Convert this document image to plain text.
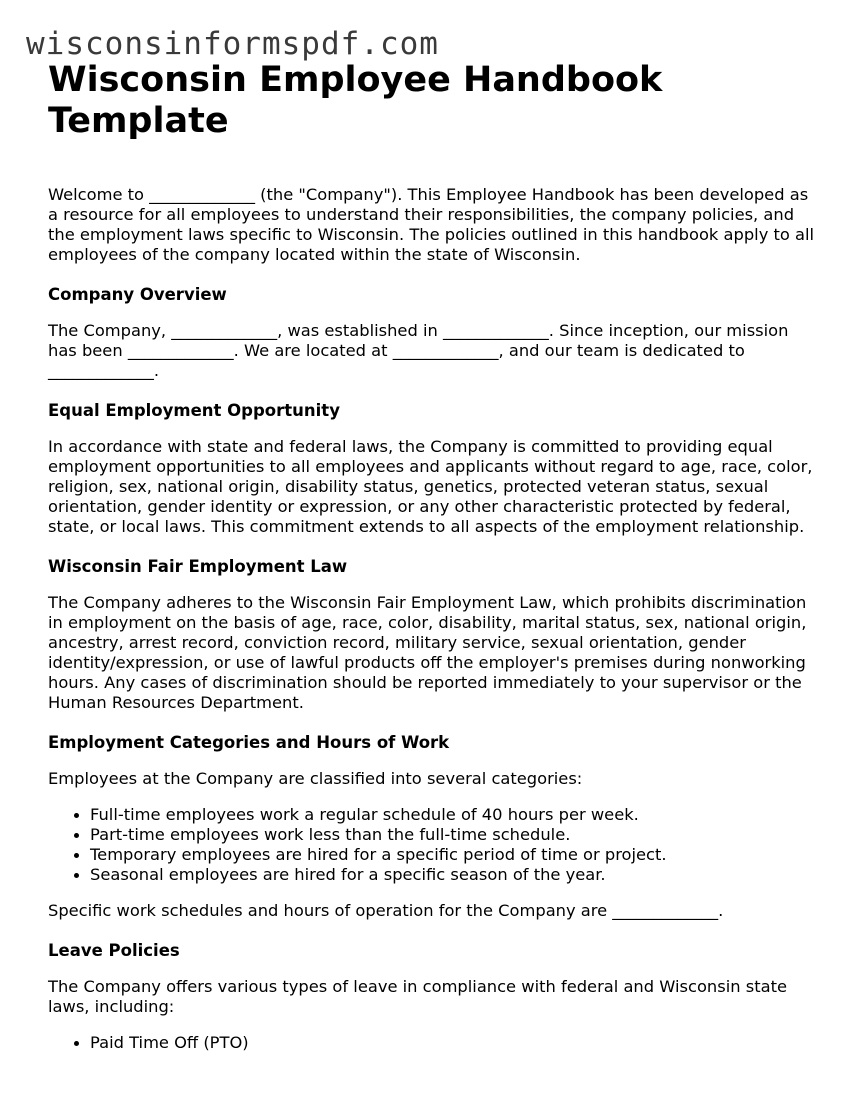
wisconsinformspdf.com
Wisconsin Employee Handbook Template

Welcome to _____________ (the "Company"). This Employee Handbook has been developed as a resource for all employees to understand their responsibilities, the company policies, and the employment laws specific to Wisconsin. The policies outlined in this handbook apply to all employees of the company located within the state of Wisconsin.

Company Overview

The Company, _____________, was established in _____________. Since inception, our mission has been _____________. We are located at _____________, and our team is dedicated to _____________.

Equal Employment Opportunity

In accordance with state and federal laws, the Company is committed to providing equal employment opportunities to all employees and applicants without regard to age, race, color, religion, sex, national origin, disability status, genetics, protected veteran status, sexual orientation, gender identity or expression, or any other characteristic protected by federal, state, or local laws. This commitment extends to all aspects of the employment relationship.

Wisconsin Fair Employment Law

The Company adheres to the Wisconsin Fair Employment Law, which prohibits discrimination in employment on the basis of age, race, color, disability, marital status, sex, national origin, ancestry, arrest record, conviction record, military service, sexual orientation, gender identity/expression, or use of lawful products off the employer's premises during nonworking hours. Any cases of discrimination should be reported immediately to your supervisor or the Human Resources Department.

Employment Categories and Hours of Work

Employees at the Company are classified into several categories:

Full-time employees work a regular schedule of 40 hours per week.
Part-time employees work less than the full-time schedule.
Temporary employees are hired for a specific period of time or project.
Seasonal employees are hired for a specific season of the year.

Specific work schedules and hours of operation for the Company are _____________.

Leave Policies

The Company offers various types of leave in compliance with federal and Wisconsin state laws, including:

Paid Time Off (PTO)
